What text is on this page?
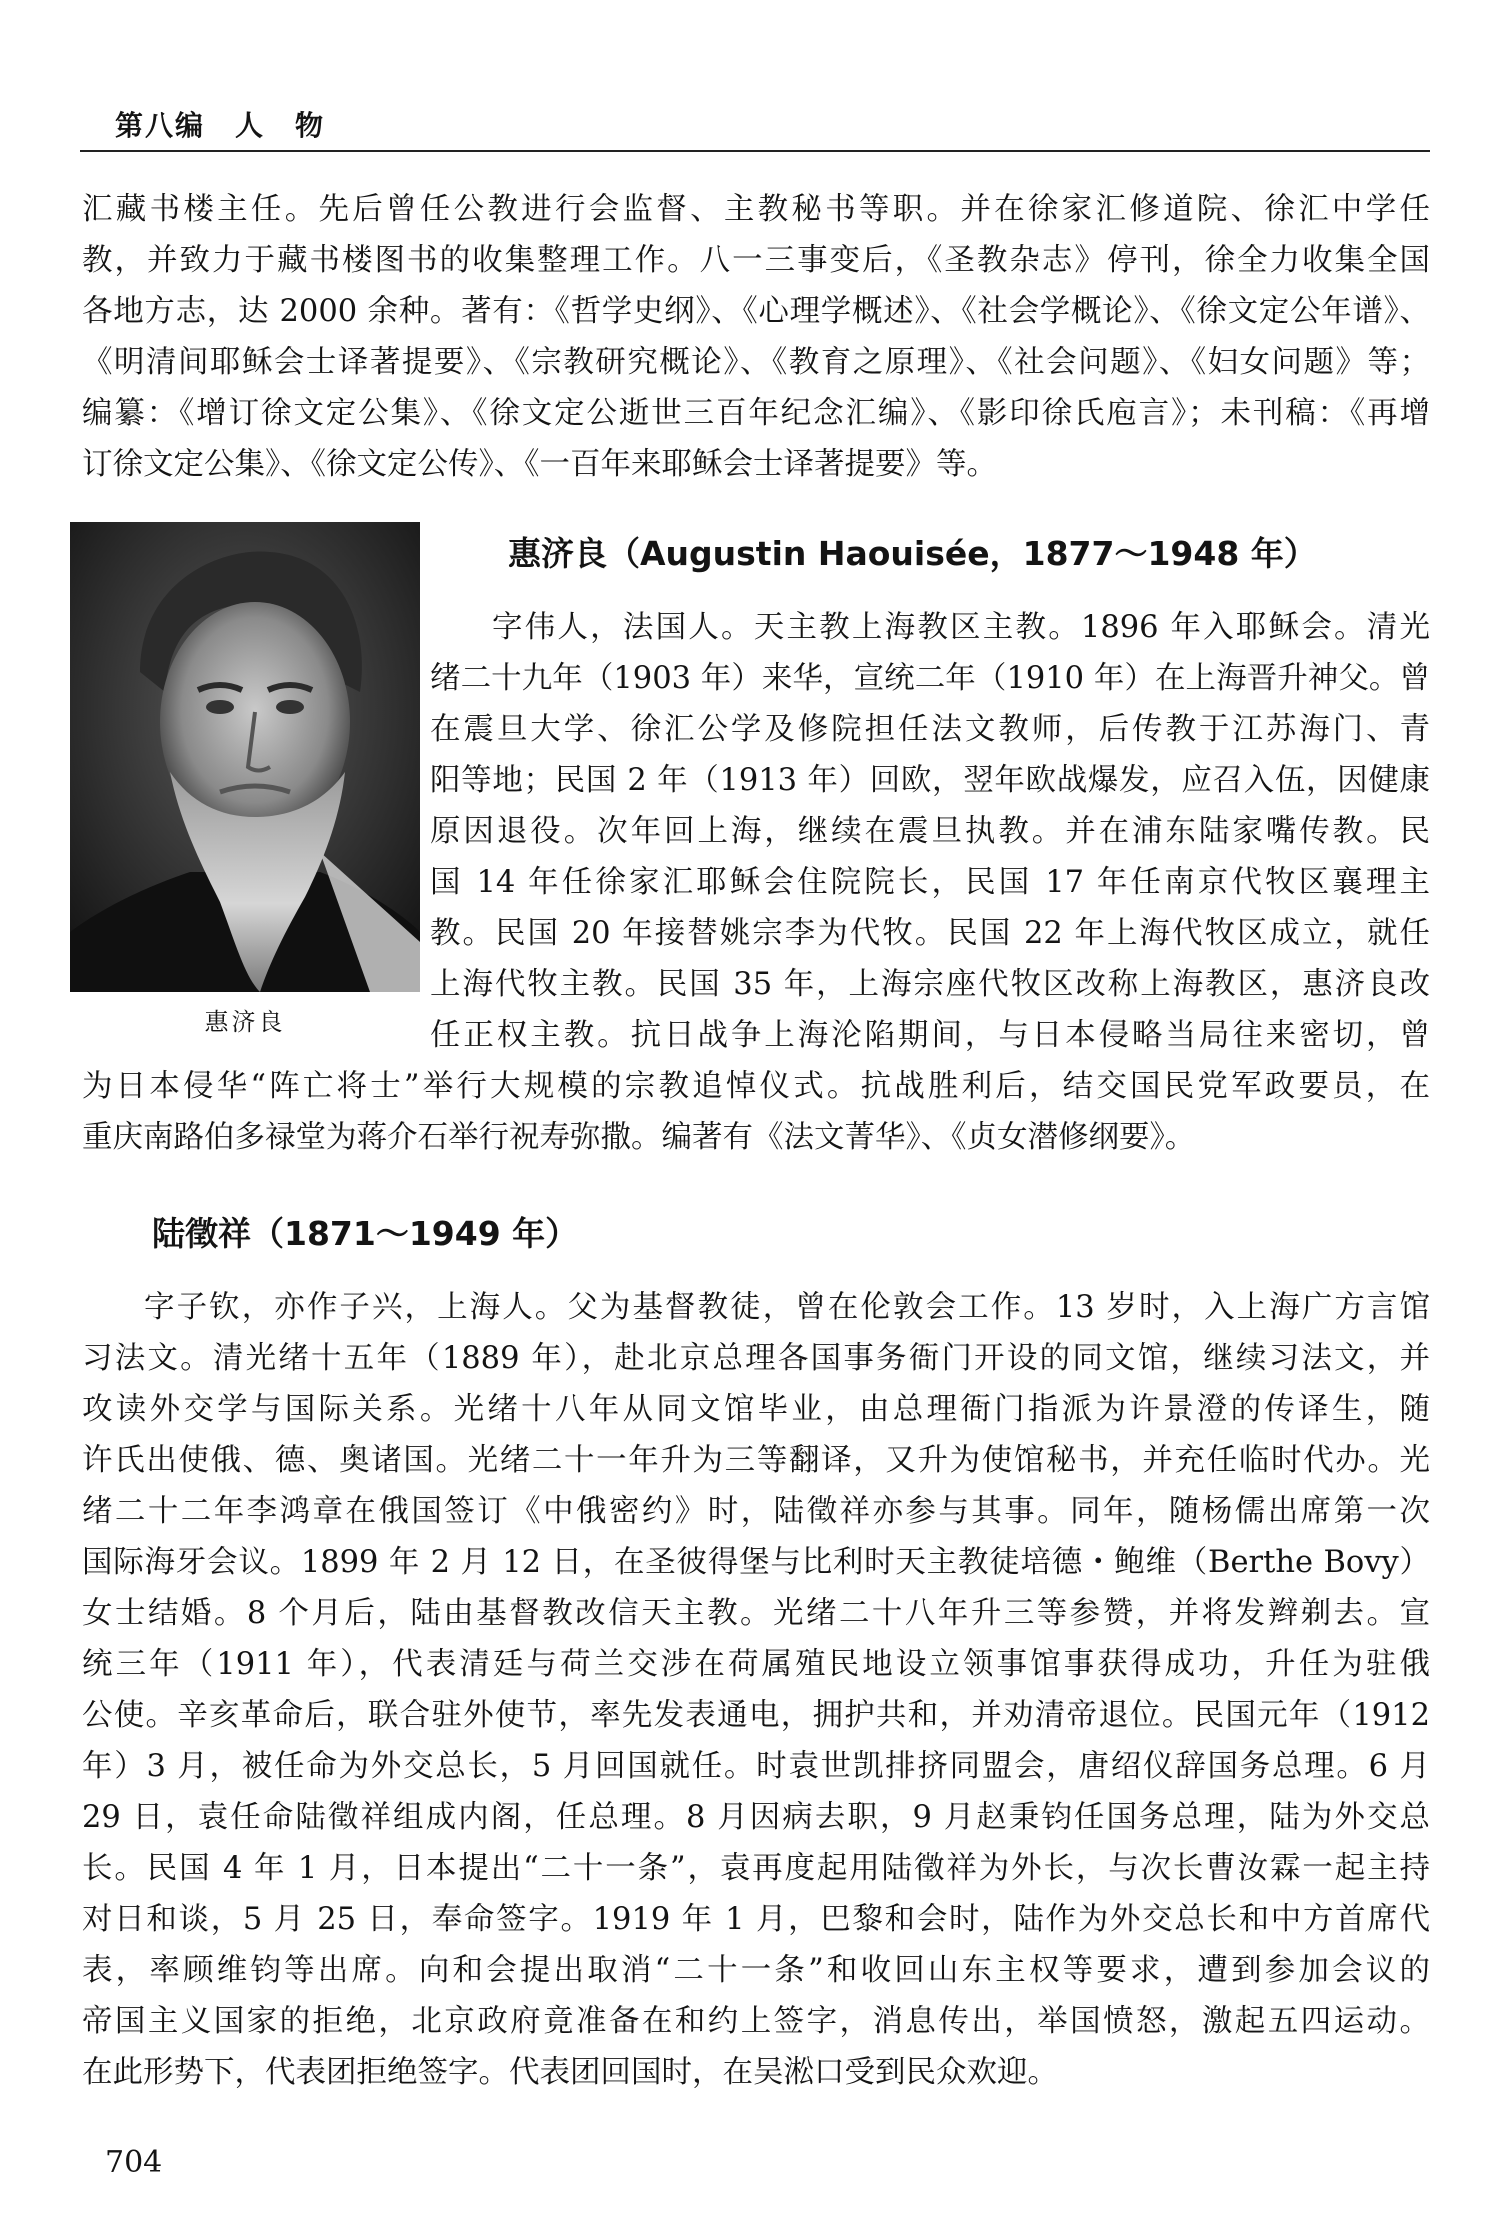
第八编　人　物
汇藏书楼主任。先后曾任公教进行会监督、主教秘书等职。并在徐家汇修道院、徐汇中学任
教，并致力于藏书楼图书的收集整理工作。八一三事变后，《圣教杂志》停刊，徐全力收集全国
各地方志，达 2000 余种。著有：《哲学史纲》、《心理学概述》、《社会学概论》、《徐文定公年谱》、
《明清间耶稣会士译著提要》、《宗教研究概论》、《教育之原理》、《社会问题》、《妇女问题》等；
编纂：《增订徐文定公集》、《徐文定公逝世三百年纪念汇编》、《影印徐氏庖言》；未刊稿：《再增
订徐文定公集》、《徐文定公传》、《一百年来耶稣会士译著提要》等。
惠济良
惠济良（Augustin Haouisée，1877～1948 年）
字伟人，法国人。天主教上海教区主教。1896 年入耶稣会。清光
绪二十九年（1903 年）来华，宣统二年（1910 年）在上海晋升神父。曾
在震旦大学、徐汇公学及修院担任法文教师，后传教于江苏海门、青
阳等地；民国 2 年（1913 年）回欧，翌年欧战爆发，应召入伍，因健康
原因退役。次年回上海，继续在震旦执教。并在浦东陆家嘴传教。民
国 14 年任徐家汇耶稣会住院院长，民国 17 年任南京代牧区襄理主
教。民国 20 年接替姚宗李为代牧。民国 22 年上海代牧区成立，就任
上海代牧主教。民国 35 年，上海宗座代牧区改称上海教区，惠济良改
任正权主教。抗日战争上海沦陷期间，与日本侵略当局往来密切，曾
为日本侵华“阵亡将士”举行大规模的宗教追悼仪式。抗战胜利后，结交国民党军政要员，在
重庆南路伯多禄堂为蒋介石举行祝寿弥撒。编著有《法文菁华》、《贞女潜修纲要》。
陆徵祥（1871～1949 年）
字子钦，亦作子兴，上海人。父为基督教徒，曾在伦敦会工作。13 岁时，入上海广方言馆
习法文。清光绪十五年（1889 年），赴北京总理各国事务衙门开设的同文馆，继续习法文，并
攻读外交学与国际关系。光绪十八年从同文馆毕业，由总理衙门指派为许景澄的传译生，随
许氏出使俄、德、奥诸国。光绪二十一年升为三等翻译，又升为使馆秘书，并充任临时代办。光
绪二十二年李鸿章在俄国签订《中俄密约》时，陆徵祥亦参与其事。同年，随杨儒出席第一次
国际海牙会议。1899 年 2 月 12 日，在圣彼得堡与比利时天主教徒培德・鲍维（Berthe Bovy）
女士结婚。8 个月后，陆由基督教改信天主教。光绪二十八年升三等参赞，并将发辫剃去。宣
统三年（1911 年），代表清廷与荷兰交涉在荷属殖民地设立领事馆事获得成功，升任为驻俄
公使。辛亥革命后，联合驻外使节，率先发表通电，拥护共和，并劝清帝退位。民国元年（1912
年）3 月，被任命为外交总长，5 月回国就任。时袁世凯排挤同盟会，唐绍仪辞国务总理。6 月
29 日，袁任命陆徵祥组成内阁，任总理。8 月因病去职，9 月赵秉钧任国务总理，陆为外交总
长。民国 4 年 1 月，日本提出“二十一条”，袁再度起用陆徵祥为外长，与次长曹汝霖一起主持
对日和谈，5 月 25 日，奉命签字。1919 年 1 月，巴黎和会时，陆作为外交总长和中方首席代
表，率顾维钧等出席。向和会提出取消“二十一条”和收回山东主权等要求，遭到参加会议的
帝国主义国家的拒绝，北京政府竟准备在和约上签字，消息传出，举国愤怒，激起五四运动。
在此形势下，代表团拒绝签字。代表团回国时，在吴淞口受到民众欢迎。
704
